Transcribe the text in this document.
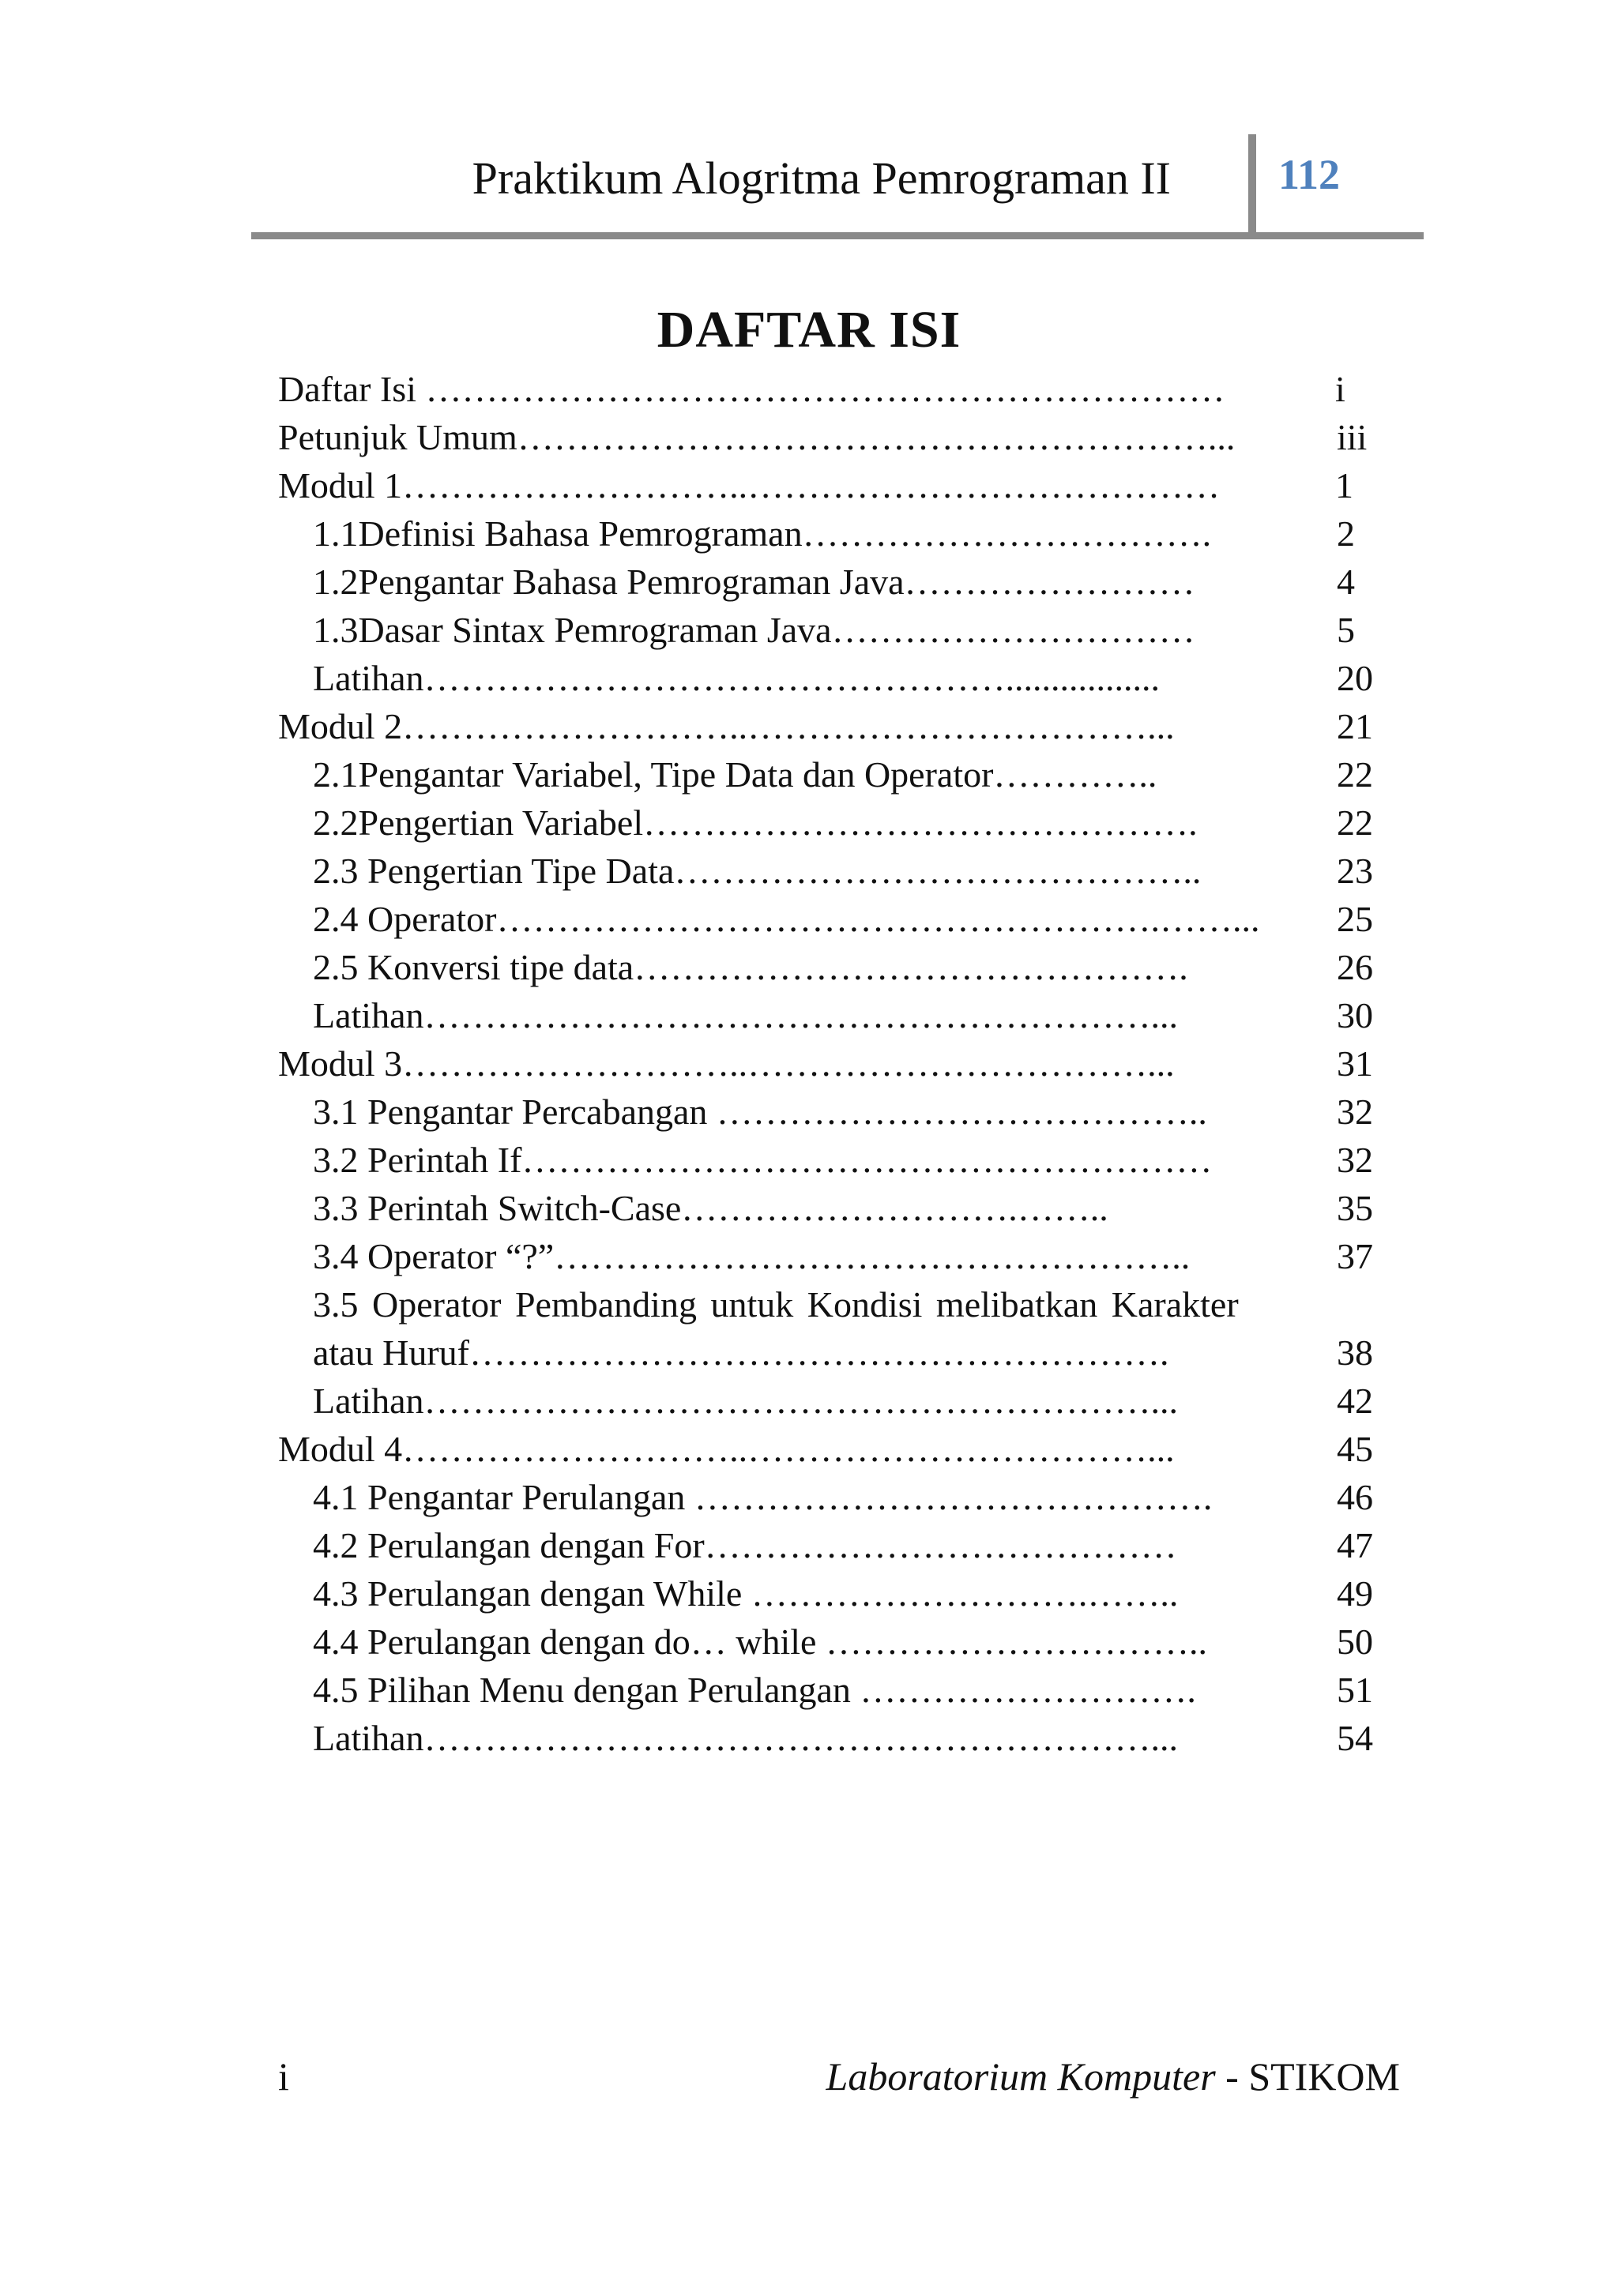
Praktikum Alogritma Pemrograman II	112
DAFTAR ISI
Daftar Isi …………………………………………………………	i
Petunjuk Umum…………………………………………………...	iii
Modul 1………………………..…………………………………	1
1.1Definisi Bahasa Pemrograman…………………………….	2
1.2Pengantar Bahasa Pemrograman Java……………………	4
1.3Dasar Sintax Pemrograman Java…………………………	5
Latihan………………………………………….................	20
Modul 2………………………..……………………………...	21
2.1Pengantar Variabel, Tipe Data dan Operator…………..	22
2.2Pengertian Variabel……………………………………….	22
2.3 Pengertian Tipe Data……………………………………..	23
2.4 Operator……………………………………………….……... 25
2.5 Konversi tipe data……………………………………….	26
Latihan……………………………………………………...	30
Modul 3………………………..……………………………...	31
3.1 Pengantar Percabangan …………………………………..	32
3.2 Perintah If…………………………………………………	32
3.3 Perintah Switch-Case……………………….……..	35
3.4 Operator “?”……………………………………………..	37
3.5 Operator Pembanding untuk Kondisi melibatkan Karakter
atau Huruf………………………………………………….	38
Latihan……………………………………………………...	42
Modul 4………………………..……………………………...	45
4.1 Pengantar Perulangan …………………………………….	46
4.2 Perulangan dengan For…………………………………	47
4.3 Perulangan dengan While ……………………….……..	49
4.4 Perulangan dengan do… while …………………………..	50
4.5 Pilihan Menu dengan Perulangan ……………………….	51
Latihan……………………………………………………...	54
i	Laboratorium Komputer - STIKOM
